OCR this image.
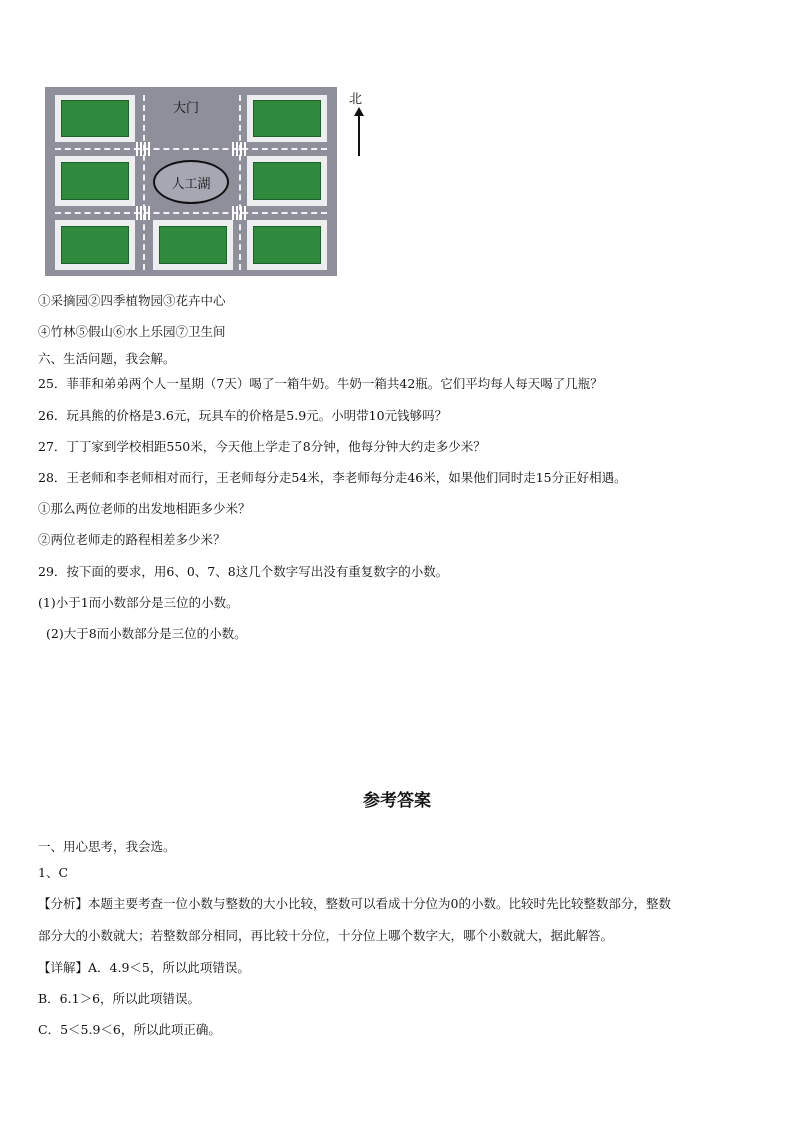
大门
人工湖
北
①采摘园②四季植物园③花卉中心
④竹林⑤假山⑥水上乐园⑦卫生间
六、生活问题，我会解。
25．菲菲和弟弟两个人一星期（7天）喝了一箱牛奶。牛奶一箱共42瓶。它们平均每人每天喝了几瓶？
26．玩具熊的价格是3.6元，玩具车的价格是5.9元。小明带10元钱够吗？
27．丁丁家到学校相距550米，今天他上学走了8分钟，他每分钟大约走多少米？
28．王老师和李老师相对而行，王老师每分走54米，李老师每分走46米，如果他们同时走15分正好相遇。
①那么两位老师的出发地相距多少米？
②两位老师走的路程相差多少米？
29．按下面的要求，用6、0、7、8这几个数字写出没有重复数字的小数。
(1)小于1而小数部分是三位的小数。
(2)大于8而小数部分是三位的小数。
参考答案
一、用心思考，我会选。
1、C
【分析】本题主要考查一位小数与整数的大小比较，整数可以看成十分位为0的小数。比较时先比较整数部分，整数
部分大的小数就大；若整数部分相同，再比较十分位，十分位上哪个数字大，哪个小数就大，据此解答。
【详解】A．4.9＜5，所以此项错误。
B．6.1＞6，所以此项错误。
C．5＜5.9＜6，所以此项正确。
